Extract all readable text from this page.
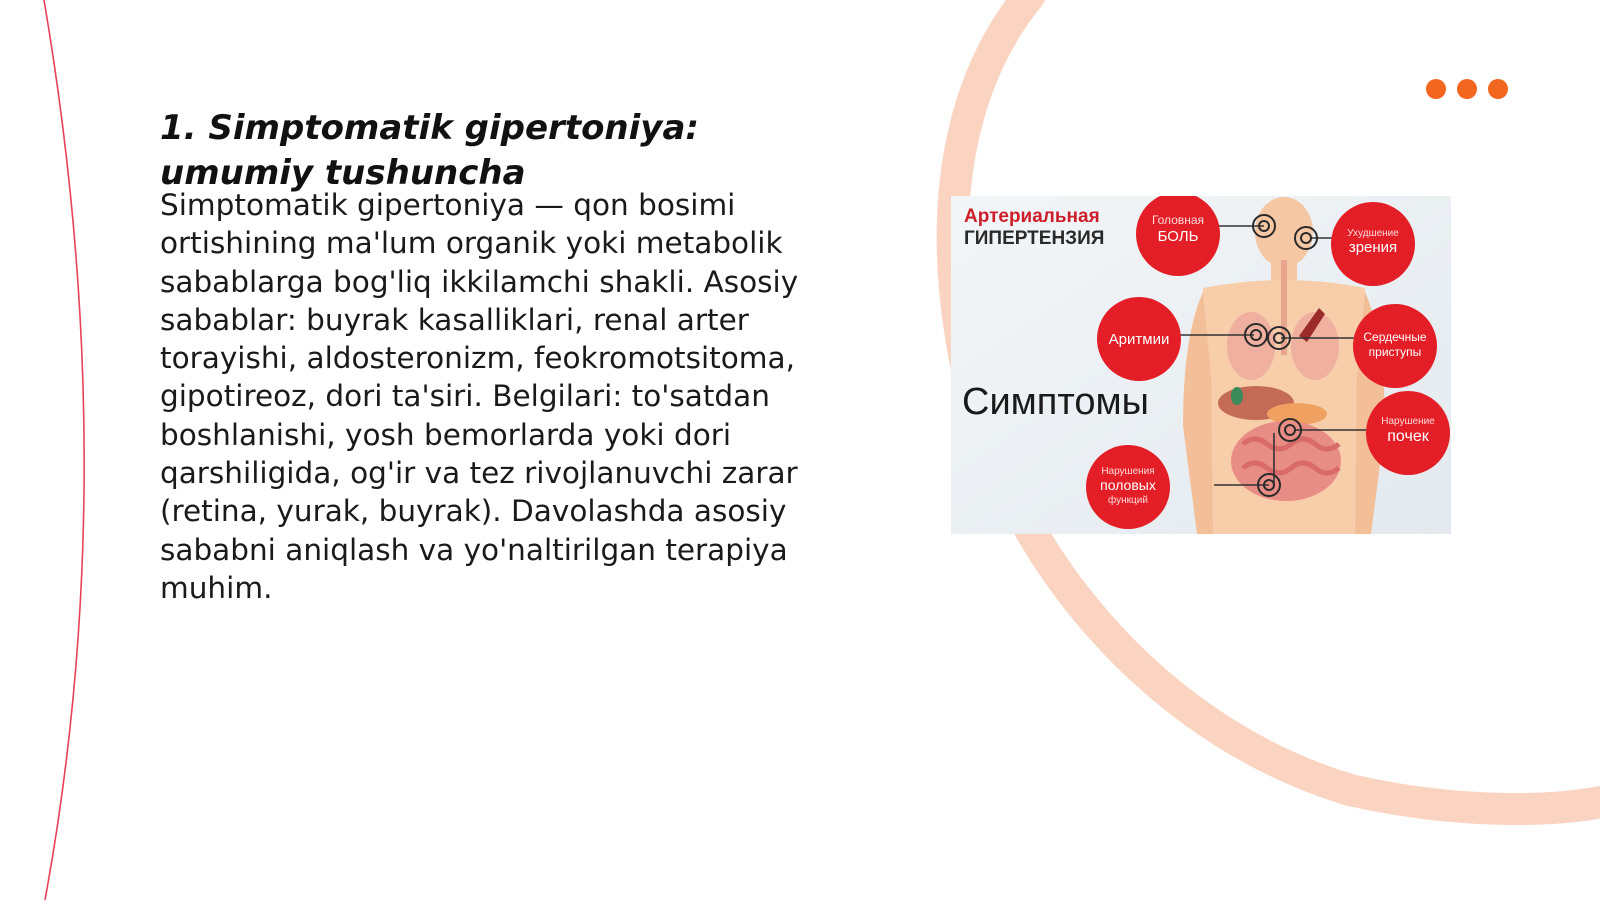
1. Simptomatik gipertoniya: umumiy tushuncha

Simptomatik gipertoniya — qon bosimi ortishining ma'lum organik yoki metabolik sabablarga bog'liq ikkilamchi shakli. Asosiy sabablar: buyrak kasalliklari, renal arter torayishi, aldosteronizm, feokromotsitoma, gipotireoz, dori ta'siri. Belgilari: to'satdan boshlanishi, yosh bemorlarda yoki dori qarshiligida, og'ir va tez rivojlanuvchi zarar (retina, yurak, buyrak). Davolashda asosiy sababni aniqlash va yo'naltirilgan terapiya muhim.

Артериальная
ГИПЕРТЕНЗИЯ
Симптомы
Головная
БОЛЬ	Ухудшение
зрения
Аритмии	Сердечные
приступы
Нарушение
почек
Нарушения
половых
функций
